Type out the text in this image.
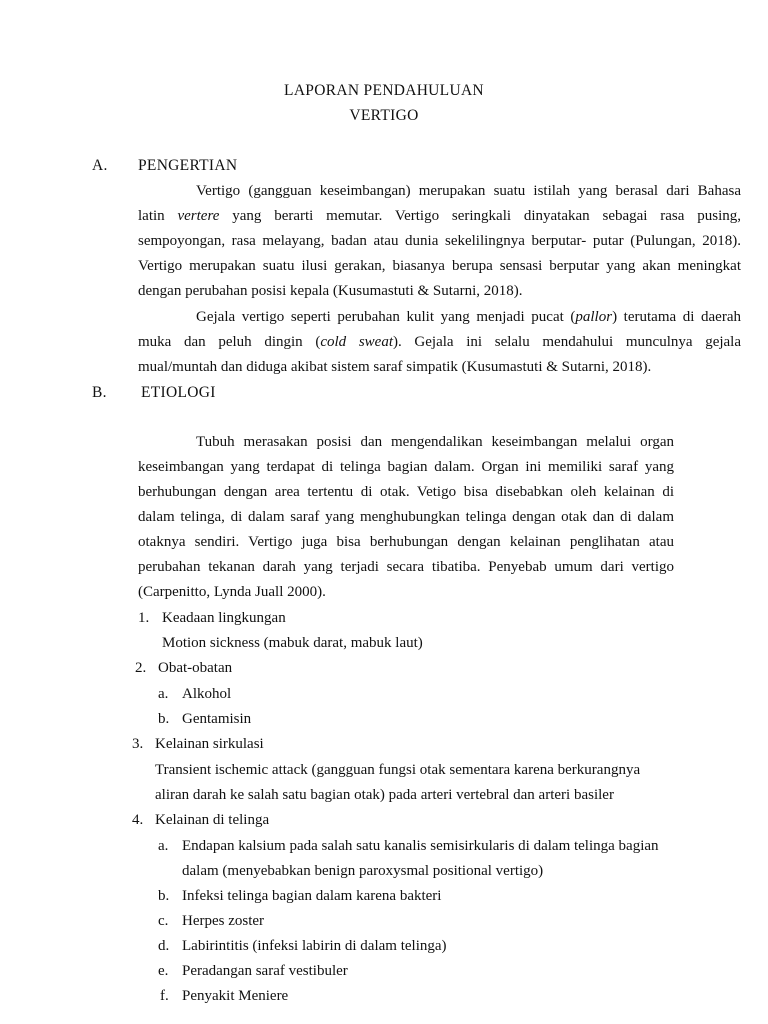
LAPORAN PENDAHULUAN
VERTIGO
A. PENGERTIAN
Vertigo (gangguan keseimbangan) merupakan suatu istilah yang berasal dari Bahasa
latin vertere yang berarti memutar. Vertigo seringkali dinyatakan sebagai rasa pusing,
sempoyongan, rasa melayang, badan atau dunia sekelilingnya berputar- putar (Pulungan, 2018).
Vertigo merupakan suatu ilusi gerakan, biasanya berupa sensasi berputar yang akan meningkat
dengan perubahan posisi kepala (Kusumastuti & Sutarni, 2018).
Gejala vertigo seperti perubahan kulit yang menjadi pucat (pallor) terutama di daerah
muka dan peluh dingin (cold sweat). Gejala ini selalu mendahului munculnya gejala
mual/muntah dan diduga akibat sistem saraf simpatik (Kusumastuti & Sutarni, 2018).
B. ETIOLOGI
Tubuh merasakan posisi dan mengendalikan keseimbangan melalui organ
keseimbangan yang terdapat di telinga bagian dalam. Organ ini memiliki saraf yang
berhubungan dengan area tertentu di otak. Vetigo bisa disebabkan oleh kelainan di
dalam telinga, di dalam saraf yang menghubungkan telinga dengan otak dan di dalam
otaknya sendiri. Vertigo juga bisa berhubungan dengan kelainan penglihatan atau
perubahan tekanan darah yang terjadi secara tibatiba. Penyebab umum dari vertigo
(Carpenitto, Lynda Juall 2000).
1. Keadaan lingkungan
Motion sickness (mabuk darat, mabuk laut)
2. Obat-obatan
a. Alkohol
b. Gentamisin
3. Kelainan sirkulasi
Transient ischemic attack (gangguan fungsi otak sementara karena berkurangnya
aliran darah ke salah satu bagian otak) pada arteri vertebral dan arteri basiler
4. Kelainan di telinga
a. Endapan kalsium pada salah satu kanalis semisirkularis di dalam telinga bagian
dalam (menyebabkan benign paroxysmal positional vertigo)
b. Infeksi telinga bagian dalam karena bakteri
c. Herpes zoster
d. Labirintitis (infeksi labirin di dalam telinga)
e. Peradangan saraf vestibuler
f. Penyakit Meniere
